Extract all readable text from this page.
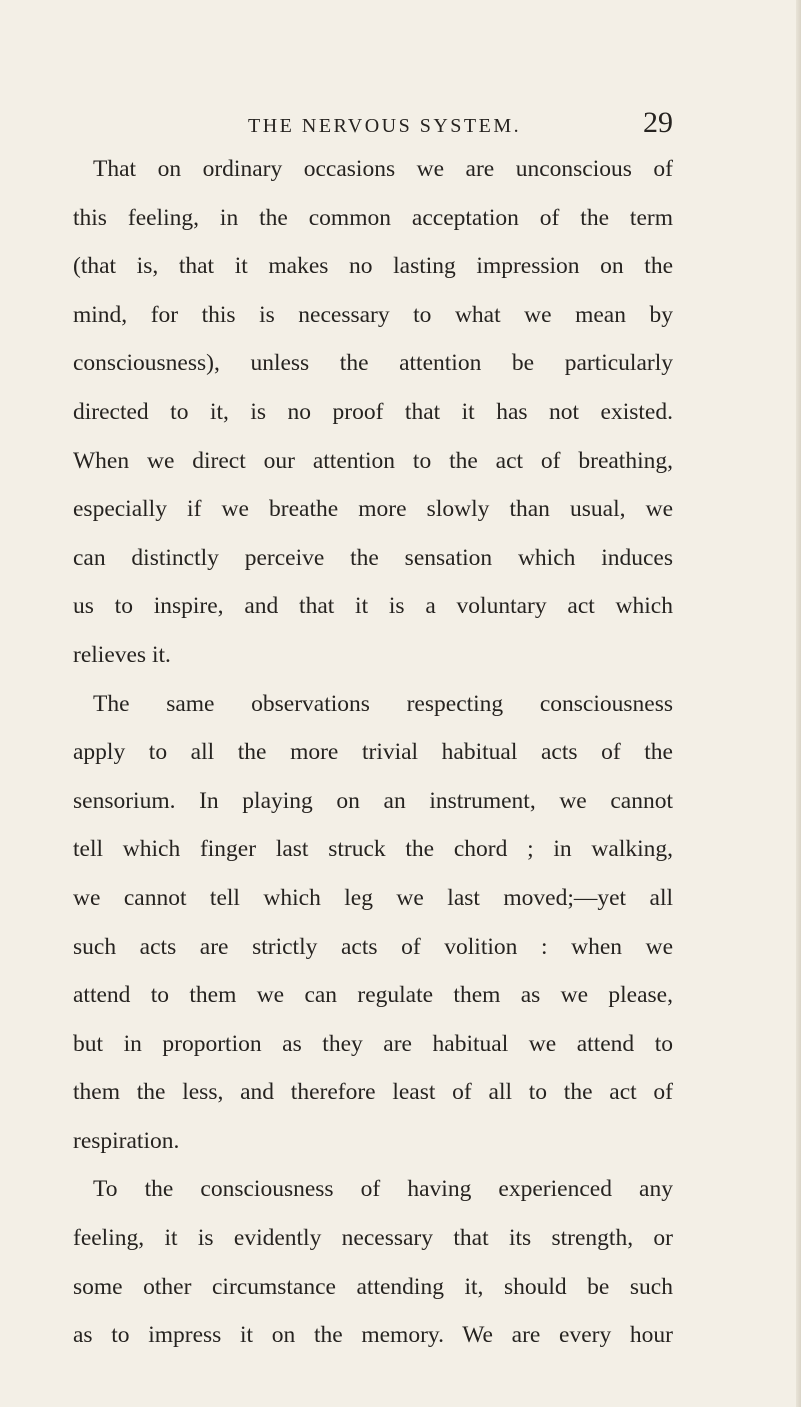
THE NERVOUS SYSTEM.	29
That on ordinary occasions we are unconscious of
this feeling, in the common acceptation of the term
(that is, that it makes no lasting impression on the
mind, for this is necessary to what we mean by
consciousness), unless the attention be particularly
directed to it, is no proof that it has not existed.
When we direct our attention to the act of breathing,
especially if we breathe more slowly than usual, we
can distinctly perceive the sensation which induces
us to inspire, and that it is a voluntary act which
relieves it.
The same observations respecting consciousness
apply to all the more trivial habitual acts of the
sensorium. In playing on an instrument, we cannot
tell which finger last struck the chord ; in walking,
we cannot tell which leg we last moved;—yet all
such acts are strictly acts of volition : when we
attend to them we can regulate them as we please,
but in proportion as they are habitual we attend to
them the less, and therefore least of all to the act of
respiration.
To the consciousness of having experienced any
feeling, it is evidently necessary that its strength, or
some other circumstance attending it, should be such
as to impress it on the memory. We are every hour
